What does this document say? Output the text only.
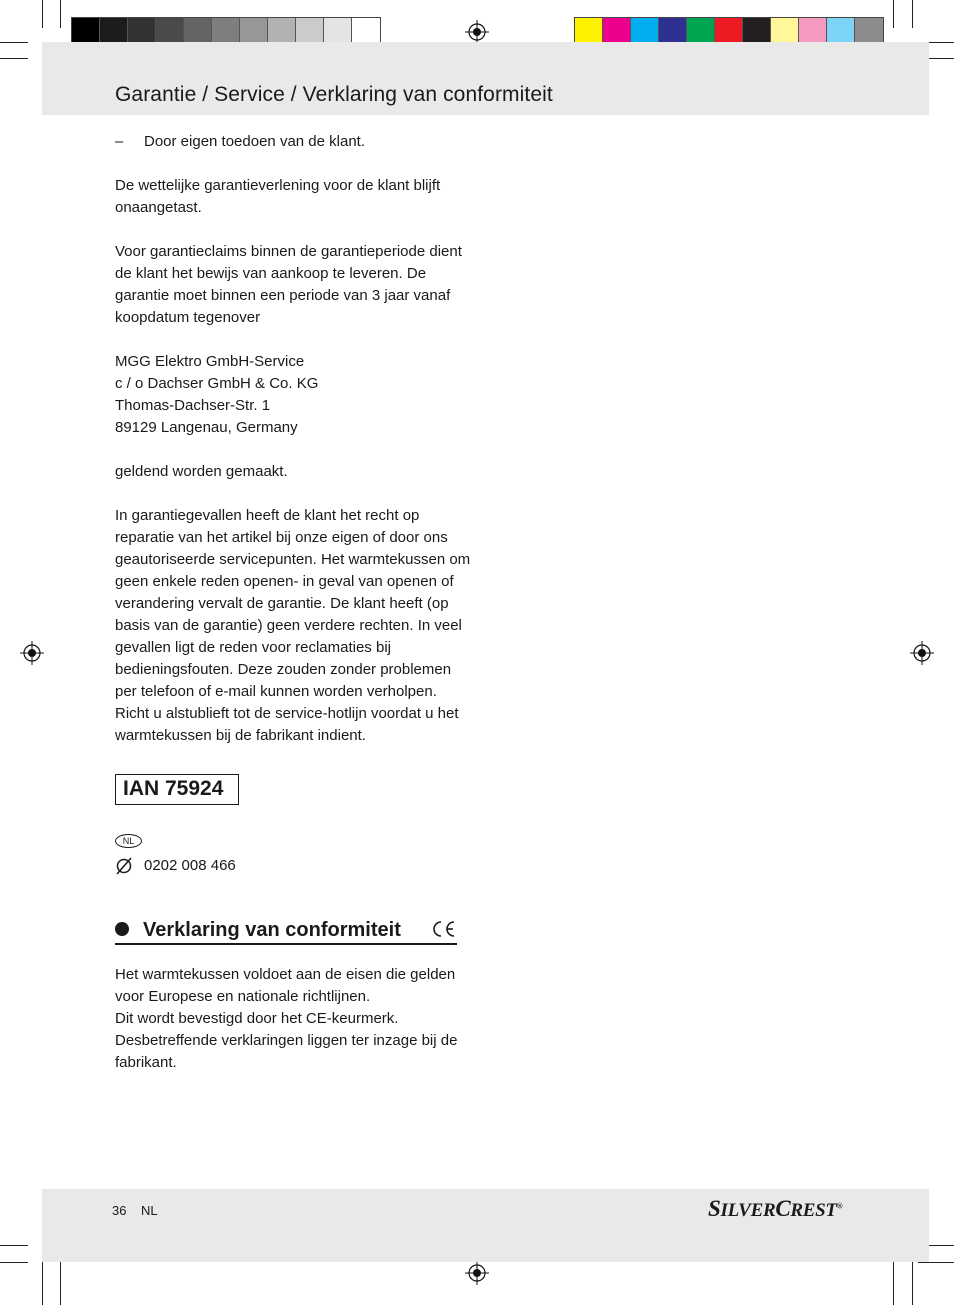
Garantie / Service / Verklaring van conformiteit

– Door eigen toedoen van de klant.

De wettelijke garantieverlening voor de klant blijft onaangetast.

Voor garantieclaims binnen de garantieperiode dient de klant het bewijs van aankoop te leveren. De garantie moet binnen een periode van 3 jaar vanaf koopdatum tegenover

MGG Elektro GmbH-Service

c / o Dachser GmbH & Co. KG

Thomas-Dachser-Str. 1

89129 Langenau, Germany

geldend worden gemaakt.

In garantiegevallen heeft de klant het recht op reparatie van het artikel bij onze eigen of door ons geautoriseerde servicepunten. Het warmtekussen om geen enkele reden openen- in geval van openen of verandering vervalt de garantie. De klant heeft (op basis van de garantie) geen verdere rechten. In veel gevallen ligt de reden voor reclamaties bij bedieningsfouten. Deze zouden zonder problemen per telefoon of e-mail kunnen worden verholpen. Richt u alstublieft tot de service-hotlijn voordat u het warmtekussen bij de fabrikant indient.

IAN 75924
NL
0202 008 466
Verklaring van conformiteit

Het warmtekussen voldoet aan de eisen die gelden voor Europese en nationale richtlijnen.

Dit wordt bevestigd door het CE-keurmerk.

Desbetreffende verklaringen liggen ter inzage bij de fabrikant.

36 NL	SILVERCREST®
